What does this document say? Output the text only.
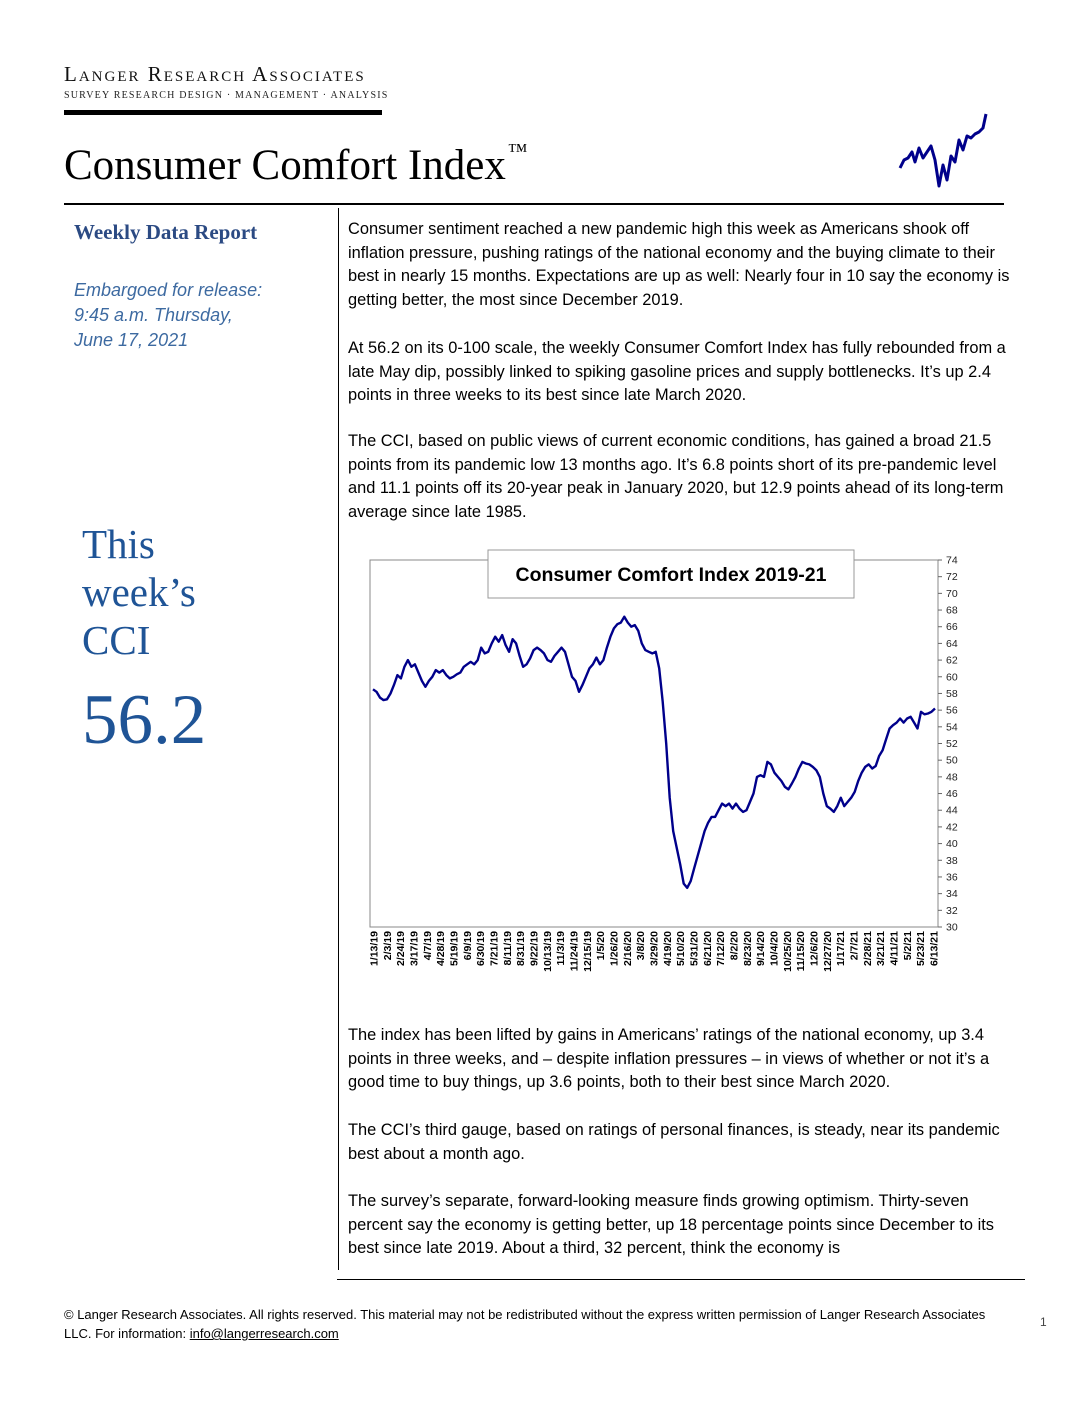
Langer Research Associates
SURVEY RESEARCH DESIGN · MANAGEMENT · ANALYSIS
Consumer Comfort Index ™
Weekly Data Report
Embargoed for release:
9:45 a.m. Thursday,
June 17, 2021
This
week’s
CCI
56.2

Consumer sentiment reached a new pandemic high this week as Americans shook off inflation pressure, pushing ratings of the national economy and the buying climate to their best in nearly 15 months. Expectations are up as well: Nearly four in 10 say the economy is getting better, the most since December 2019.

At 56.2 on its 0-100 scale, the weekly Consumer Comfort Index has fully rebounded from a late May dip, possibly linked to spiking gasoline prices and supply bottlenecks. It’s up 2.4 points in three weeks to its best since late March 2020.

The CCI, based on public views of current economic conditions, has gained a broad 21.5 points from its pandemic low 13 months ago. It’s 6.8 points short of its pre-pandemic level and 11.1 points off its 20-year peak in January 2020, but 12.9 points ahead of its long-term average since late 1985.

30
32
34
36
38
40
42
44
46
48
50
52
54
56
58
60
62
64
66
68
70
72
74
1/13/19 2/3/19 2/24/19 3/17/19 4/7/19 4/28/19 5/19/19 6/9/19 6/30/19 7/21/19 8/11/19 8/31/19 9/22/19 10/13/19 11/3/19 11/24/19 12/15/19 1/5/20 1/26/20 2/16/20 3/8/20 3/29/20 4/19/20 5/10/20 5/31/20 6/21/20 7/12/20 8/2/20 8/23/20 9/14/20 10/4/20 10/25/20 11/15/20 12/6/20 12/27/20 1/17/21 2/7/21 2/28/21 3/21/21 4/11/21 5/2/21 5/23/21 6/13/21
Consumer Comfort Index 2019-21

The index has been lifted by gains in Americans’ ratings of the national economy, up 3.4 points in three weeks, and – despite inflation pressures – in views of whether or not it’s a good time to buy things, up 3.6 points, both to their best since March 2020.

The CCI’s third gauge, based on ratings of personal finances, is steady, near its pandemic best about a month ago.

The survey’s separate, forward-looking measure finds growing optimism. Thirty-seven percent say the economy is getting better, up 18 percentage points since December to its best since late 2019. About a third, 32 percent, think the economy is

© Langer Research Associates. All rights reserved. This material may not be redistributed without the express written permission of Langer Research Associates LLC. For information: info@langerresearch.com
1
